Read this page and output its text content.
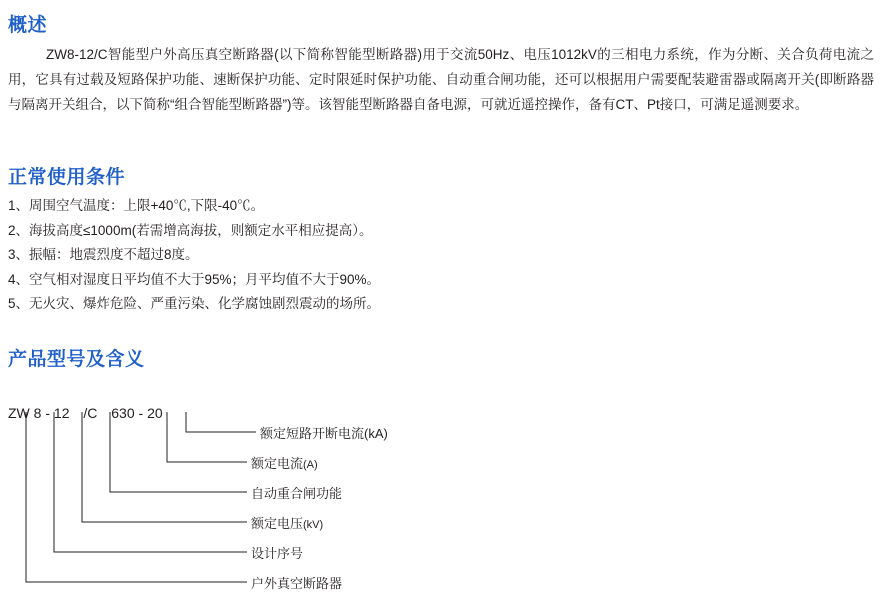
概述
ZW8-12/C智能型户外高压真空断路器(以下简称智能型断路器)用于交流50Hz、电压1012kV的三相电力系统，作为分断、关合负荷电流之用，它具有过载及短路保护功能、速断保护功能、定时限延时保护功能、自动重合闸功能，还可以根据用户需要配装避雷器或隔离开关(即断路器与隔离开关组合，以下简称“组合智能型断路器”)等。该智能型断路器自备电源，可就近遥控操作，备有CT、Pt接口，可满足遥测要求。
正常使用条件
1、周围空气温度：上限+40℃,下限-40℃。
2、海拔高度≤1000m(若需增高海拔，则额定水平相应提高）。
3、振幅：地震烈度不超过8度。
4、空气相对湿度日平均值不大于95%；月平均值不大于90%。
5、无火灾、爆炸危险、严重污染、化学腐蚀剧烈震动的场所。
产品型号及含义
ZW 8 - 12 /C 630 - 20
额定短路开断电流(kA)
额定电流(A)
自动重合闸功能
额定电压(kV)
设计序号
户外真空断路器
